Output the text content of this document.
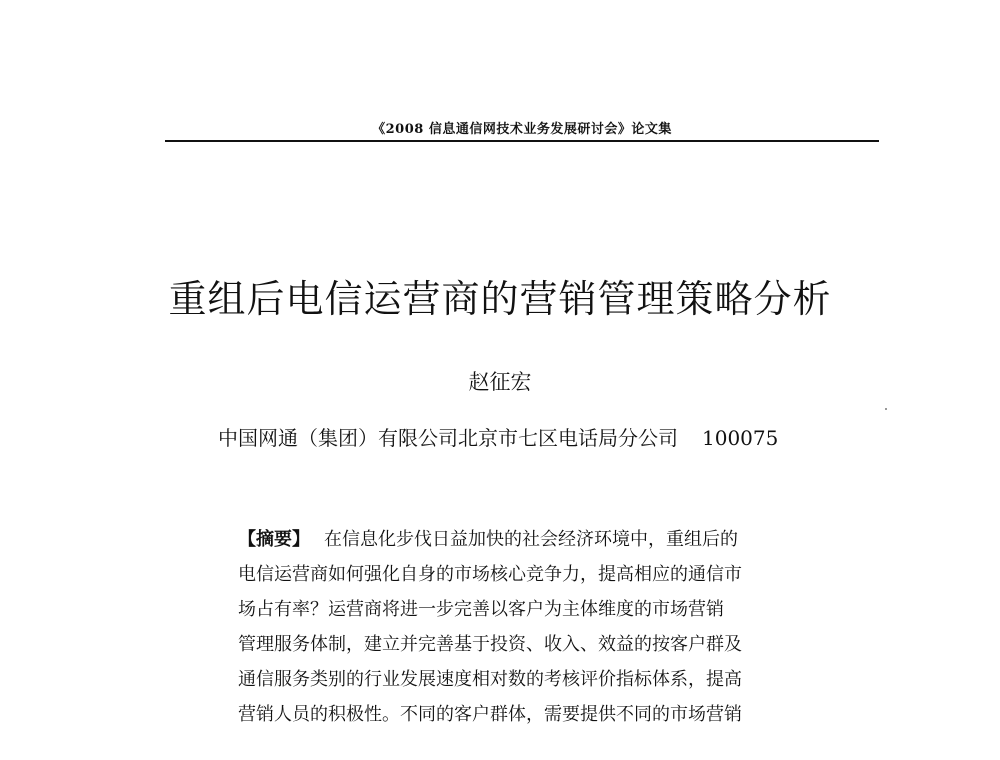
《2008 信息通信网技术业务发展研讨会》论文集
重组后电信运营商的营销管理策略分析
赵征宏
中国网通（集团）有限公司北京市七区电话局分公司 100075
【摘要】 在信息化步伐日益加快的社会经济环境中，重组后的
电信运营商如何强化自身的市场核心竞争力，提高相应的通信市
场占有率？运营商将进一步完善以客户为主体维度的市场营销
管理服务体制，建立并完善基于投资、收入、效益的按客户群及
通信服务类别的行业发展速度相对数的考核评价指标体系，提高
营销人员的积极性。不同的客户群体，需要提供不同的市场营销
